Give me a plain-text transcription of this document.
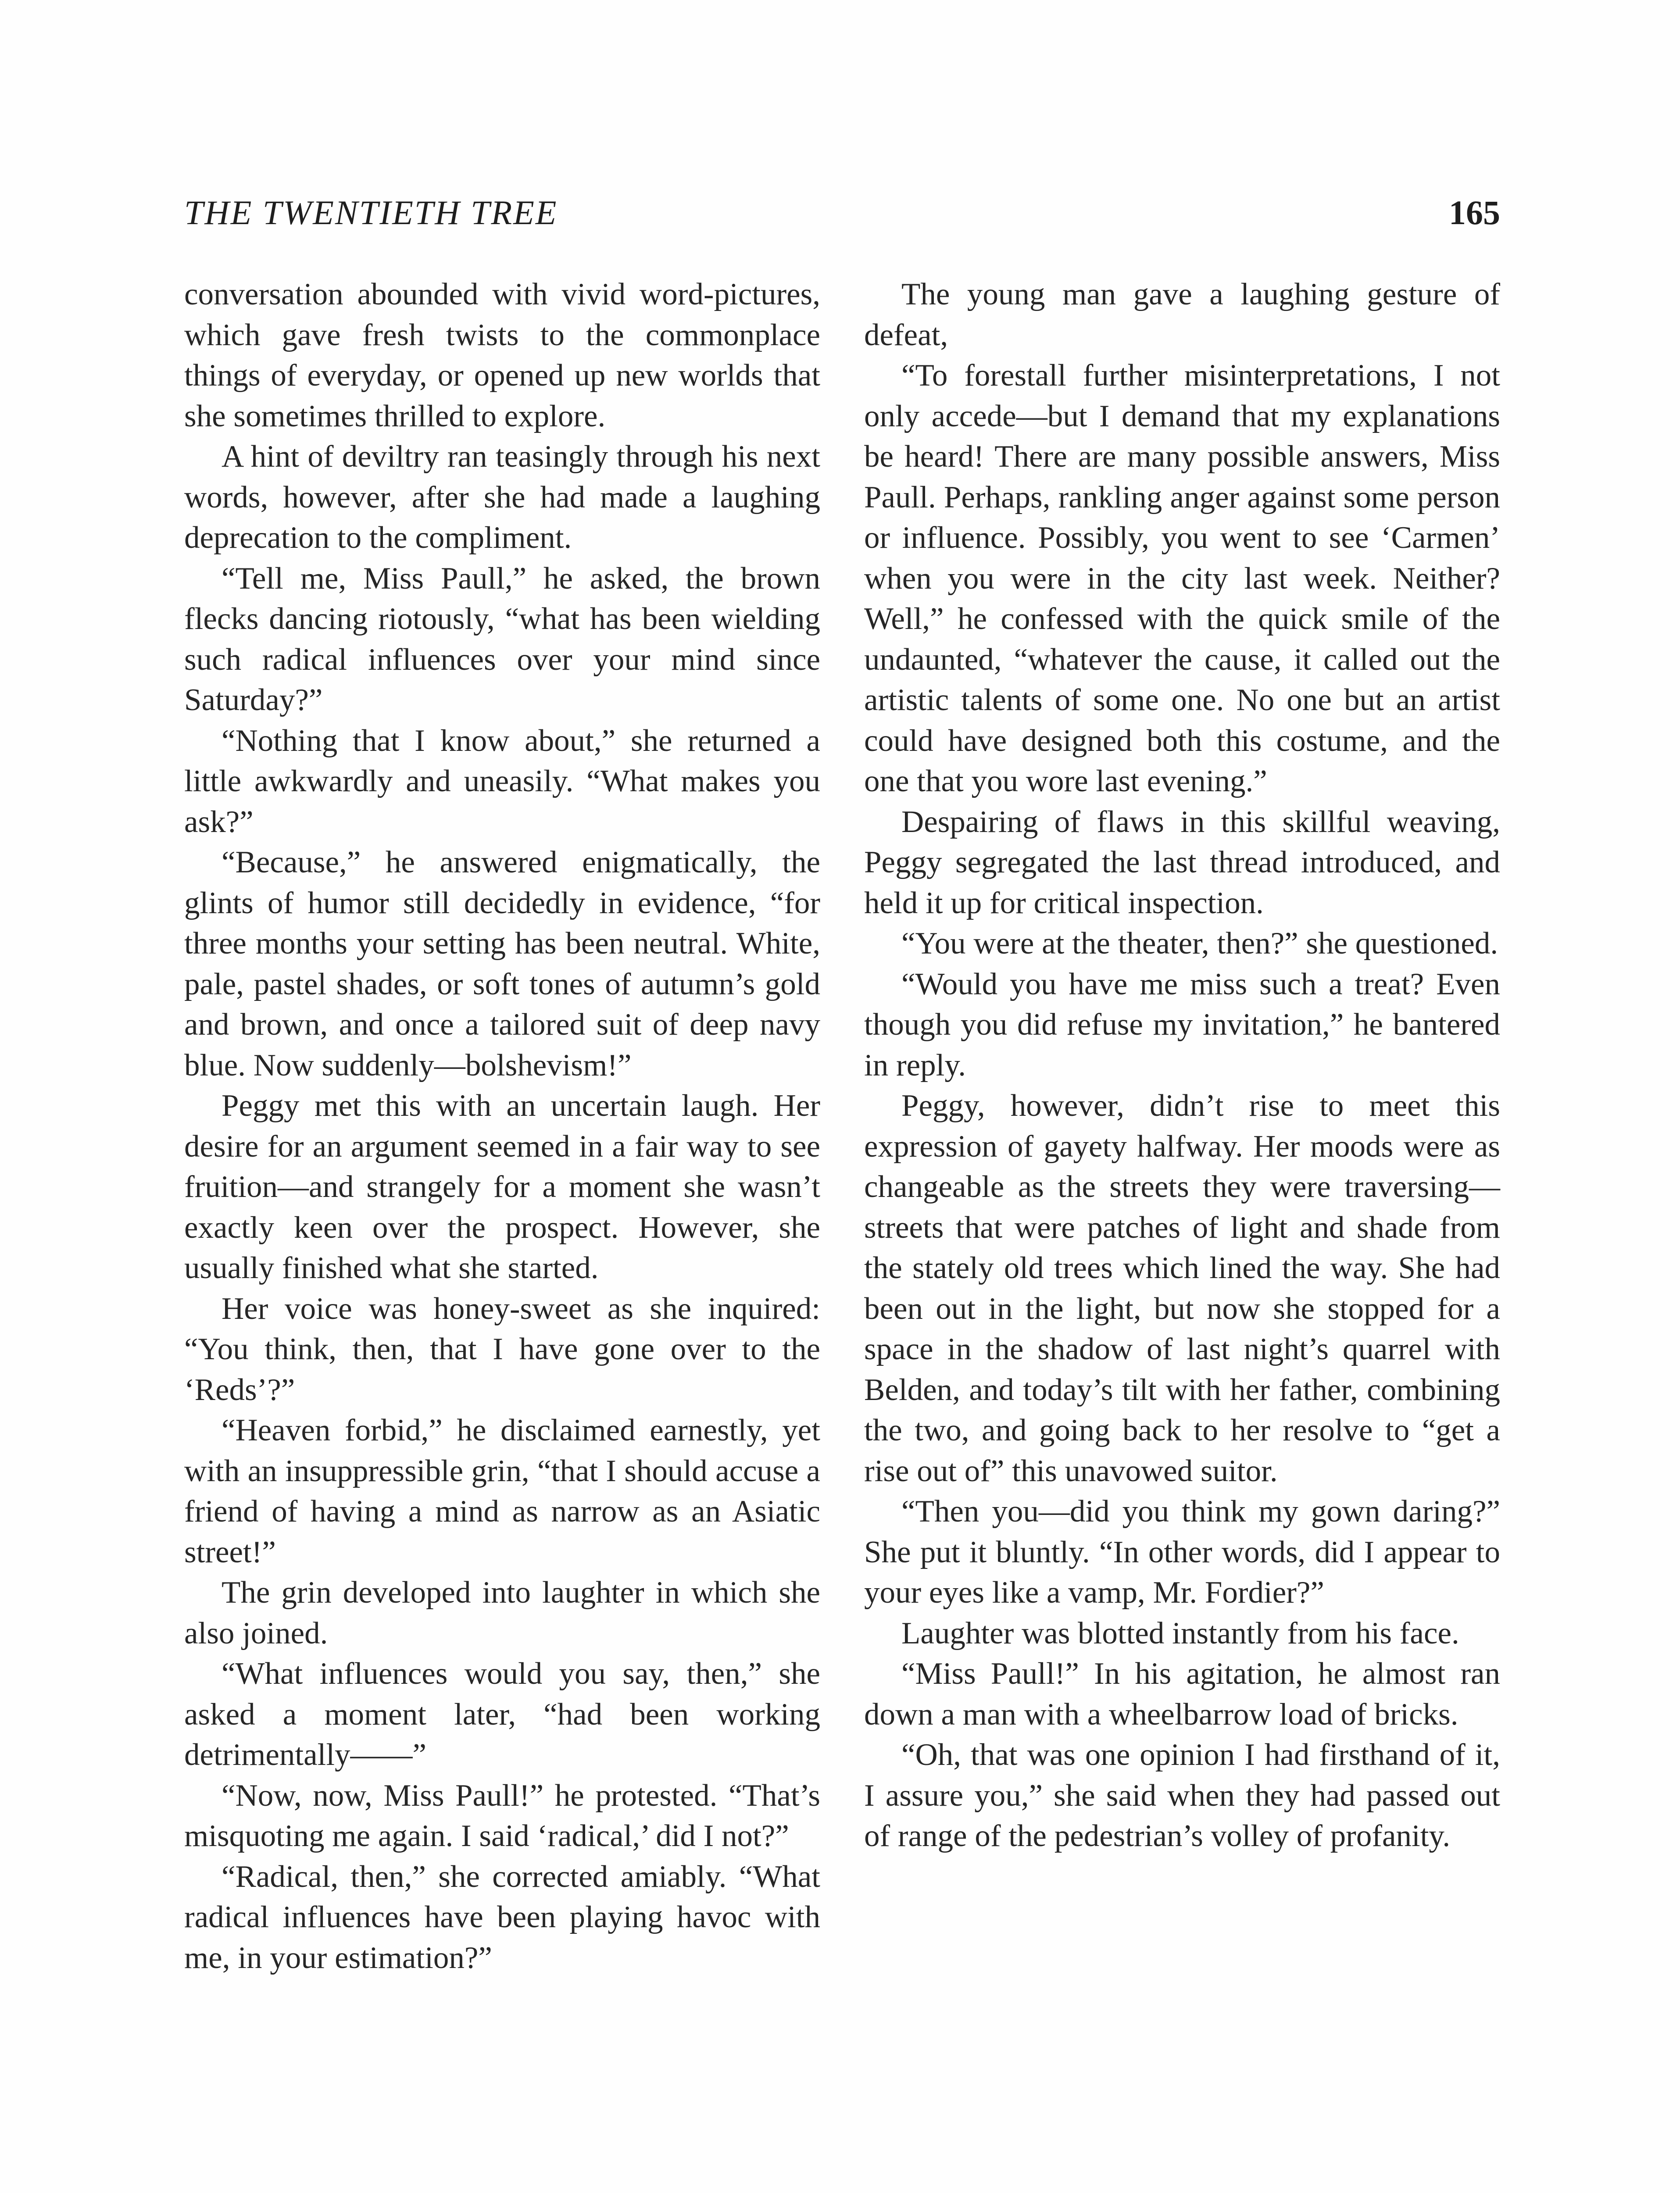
THE TWENTIETH TREE	165

conversation abounded with vivid word-pictures, which gave fresh twists to the commonplace things of everyday, or opened up new worlds that she sometimes thrilled to explore.

A hint of deviltry ran teasingly through his next words, however, after she had made a laughing deprecation to the compliment.

“Tell me, Miss Paull,” he asked, the brown flecks dancing riotously, “what has been wielding such radical influences over your mind since Saturday?”

“Nothing that I know about,” she returned a little awkwardly and uneasily. “What makes you ask?”

“Because,” he answered enigmatically, the glints of humor still decidedly in evidence, “for three months your setting has been neutral. White, pale, pastel shades, or soft tones of autumn’s gold and brown, and once a tailored suit of deep navy blue. Now suddenly—bolshevism!”

Peggy met this with an uncertain laugh. Her desire for an argument seemed in a fair way to see fruition—and strangely for a moment she wasn’t exactly keen over the prospect. However, she usually finished what she started.

Her voice was honey-sweet as she inquired: “You think, then, that I have gone over to the ‘Reds’?”

“Heaven forbid,” he disclaimed earnestly, yet with an insuppressible grin, “that I should accuse a friend of having a mind as narrow as an Asiatic street!”

The grin developed into laughter in which she also joined.

“What influences would you say, then,” she asked a moment later, “had been working detrimentally——”

“Now, now, Miss Paull!” he protested. “That’s misquoting me again. I said ‘radical,’ did I not?”

“Radical, then,” she corrected amiably. “What radical influences have been playing havoc with me, in your estimation?”

The young man gave a laughing gesture of defeat,

“To forestall further misinterpretations, I not only accede—but I demand that my explanations be heard! There are many possible answers, Miss Paull. Perhaps, rankling anger against some person or influence. Possibly, you went to see ‘Carmen’ when you were in the city last week. Neither? Well,” he confessed with the quick smile of the undaunted, “whatever the cause, it called out the artistic talents of some one. No one but an artist could have designed both this costume, and the one that you wore last evening.”

Despairing of flaws in this skillful weaving, Peggy segregated the last thread introduced, and held it up for critical inspection.

“You were at the theater, then?” she questioned.

“Would you have me miss such a treat? Even though you did refuse my invitation,” he bantered in reply.

Peggy, however, didn’t rise to meet this expression of gayety halfway. Her moods were as changeable as the streets they were traversing—streets that were patches of light and shade from the stately old trees which lined the way. She had been out in the light, but now she stopped for a space in the shadow of last night’s quarrel with Belden, and today’s tilt with her father, combining the two, and going back to her resolve to “get a rise out of” this unavowed suitor.

“Then you—did you think my gown daring?” She put it bluntly. “In other words, did I appear to your eyes like a vamp, Mr. Fordier?”

Laughter was blotted instantly from his face.

“Miss Paull!” In his agitation, he almost ran down a man with a wheelbarrow load of bricks.

“Oh, that was one opinion I had firsthand of it, I assure you,” she said when they had passed out of range of the pedestrian’s volley of profanity.
